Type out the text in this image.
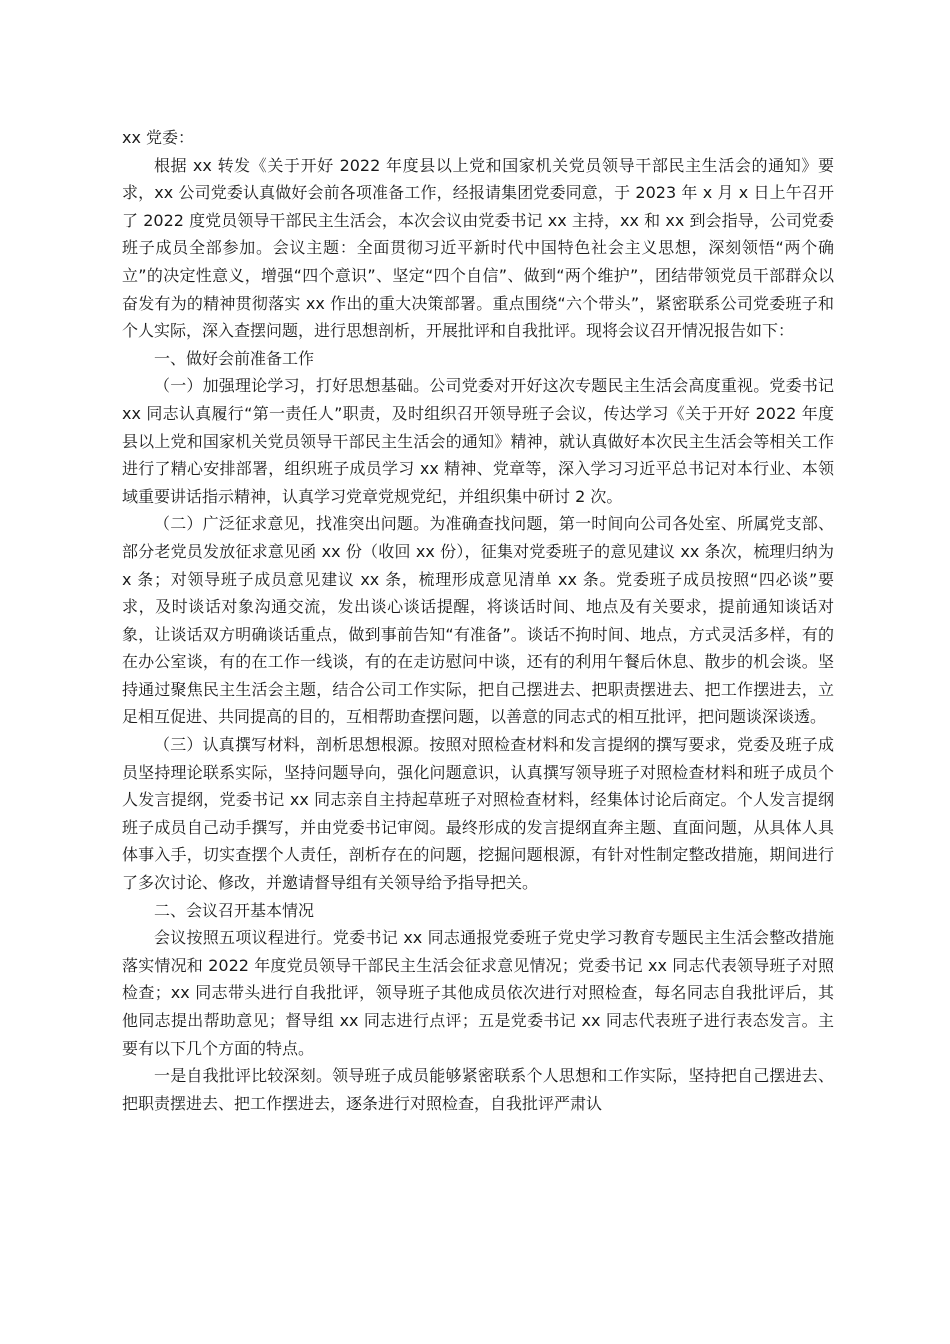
xx 党委：

根据 xx 转发《关于开好 2022 年度县以上党和国家机关党员领导干部民主生活会的通知》要求，xx 公司党委认真做好会前各项准备工作，经报请集团党委同意，于 2023 年 x 月 x 日上午召开了 2022 度党员领导干部民主生活会，本次会议由党委书记 xx 主持，xx 和 xx 到会指导，公司党委班子成员全部参加。会议主题：全面贯彻习近平新时代中国特色社会主义思想，深刻领悟“两个确立”的决定性意义，增强“四个意识”、坚定“四个自信”、做到“两个维护”，团结带领党员干部群众以奋发有为的精神贯彻落实 xx 作出的重大决策部署。重点围绕“六个带头”，紧密联系公司党委班子和个人实际，深入查摆问题，进行思想剖析，开展批评和自我批评。现将会议召开情况报告如下：

一、做好会前准备工作

（一）加强理论学习，打好思想基础。公司党委对开好这次专题民主生活会高度重视。党委书记 xx 同志认真履行“第一责任人”职责，及时组织召开领导班子会议，传达学习《关于开好 2022 年度县以上党和国家机关党员领导干部民主生活会的通知》精神，就认真做好本次民主生活会等相关工作进行了精心安排部署，组织班子成员学习 xx 精神、党章等，深入学习习近平总书记对本行业、本领域重要讲话指示精神，认真学习党章党规党纪，并组织集中研讨 2 次。

（二）广泛征求意见，找准突出问题。为准确查找问题，第一时间向公司各处室、所属党支部、部分老党员发放征求意见函 xx 份（收回 xx 份），征集对党委班子的意见建议 xx 条次，梳理归纳为 x 条；对领导班子成员意见建议 xx 条，梳理形成意见清单 xx 条。党委班子成员按照“四必谈”要求，及时谈话对象沟通交流，发出谈心谈话提醒，将谈话时间、地点及有关要求，提前通知谈话对象，让谈话双方明确谈话重点，做到事前告知“有准备”。谈话不拘时间、地点，方式灵活多样，有的在办公室谈，有的在工作一线谈，有的在走访慰问中谈，还有的利用午餐后休息、散步的机会谈。坚持通过聚焦民主生活会主题，结合公司工作实际，把自己摆进去、把职责摆进去、把工作摆进去，立足相互促进、共同提高的目的，互相帮助查摆问题，以善意的同志式的相互批评，把问题谈深谈透。

（三）认真撰写材料，剖析思想根源。按照对照检查材料和发言提纲的撰写要求，党委及班子成员坚持理论联系实际，坚持问题导向，强化问题意识，认真撰写领导班子对照检查材料和班子成员个人发言提纲，党委书记 xx 同志亲自主持起草班子对照检查材料，经集体讨论后商定。个人发言提纲班子成员自己动手撰写，并由党委书记审阅。最终形成的发言提纲直奔主题、直面问题，从具体人具体事入手，切实查摆个人责任，剖析存在的问题，挖掘问题根源，有针对性制定整改措施，期间进行了多次讨论、修改，并邀请督导组有关领导给予指导把关。

二、会议召开基本情况

会议按照五项议程进行。党委书记 xx 同志通报党委班子党史学习教育专题民主生活会整改措施落实情况和 2022 年度党员领导干部民主生活会征求意见情况；党委书记 xx 同志代表领导班子对照检查；xx 同志带头进行自我批评，领导班子其他成员依次进行对照检查，每名同志自我批评后，其他同志提出帮助意见；督导组 xx 同志进行点评；五是党委书记 xx 同志代表班子进行表态发言。主要有以下几个方面的特点。

一是自我批评比较深刻。领导班子成员能够紧密联系个人思想和工作实际，坚持把自己摆进去、把职责摆进去、把工作摆进去，逐条进行对照检查，自我批评严肃认
